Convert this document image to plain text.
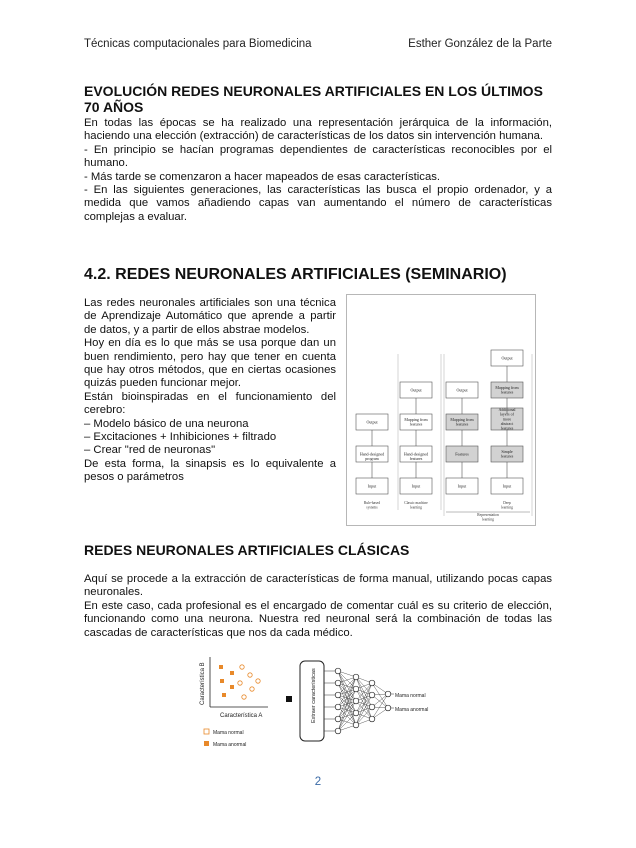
Técnicas computacionales para Biomedicina	Esther González de la Parte
EVOLUCIÓN REDES NEURONALES ARTIFICIALES EN LOS ÚLTIMOS 70 AÑOS

En todas las épocas se ha realizado una representación jerárquica de la información, haciendo una elección (extracción) de características de los datos sin intervención humana.

- En principio se hacían programas dependientes de características reconocibles por el humano.

- Más tarde se comenzaron a hacer mapeados de esas características.

- En las siguientes generaciones, las características las busca el propio ordenador, y a medida que vamos añadiendo capas van aumentando el número de características complejas a evaluar.

4.2. REDES NEURONALES ARTIFICIALES (SEMINARIO)

Las redes neuronales artificiales son una técnica de Aprendizaje Automático que aprende a partir de datos, y a partir de ellos abstrae modelos.

Hoy en día es lo que más se usa porque dan un buen rendimiento, pero hay que tener en cuenta que hay otros métodos, que en ciertas ocasiones quizás pueden funcionar mejor.

Están bioinspiradas en el funcionamiento del cerebro:

– Modelo básico de una neurona

– Excitaciones + Inhibiciones + filtrado

– Crear "red de neuronas"

De esta forma, la sinapsis es lo equivalente a pesos o parámetros

Input
Hand-designed
program
Output
Input
Hand-designed
features
Mapping from
features
Output
Input
Features
Mapping from
features
Output
Input
Simple
features
Additional
layers of
more
abstract
features
Mapping from
features
Output
Rule-based
systems
Classic machine
learning
Deep
learning
Representation
learning
REDES NEURONALES ARTIFICIALES CLÁSICAS

Aquí se procede a la extracción de características de forma manual, utilizando pocas capas neuronales.

En este caso, cada profesional es el encargado de comentar cuál es su criterio de elección, funcionando como una neurona. Nuestra red neuronal será la combinación de todas las cascadas de características que nos da cada médico.

Característica B
Característica A
Mama normal
Mama anormal
Extraer características	Mama normal
Mama anormal
2
